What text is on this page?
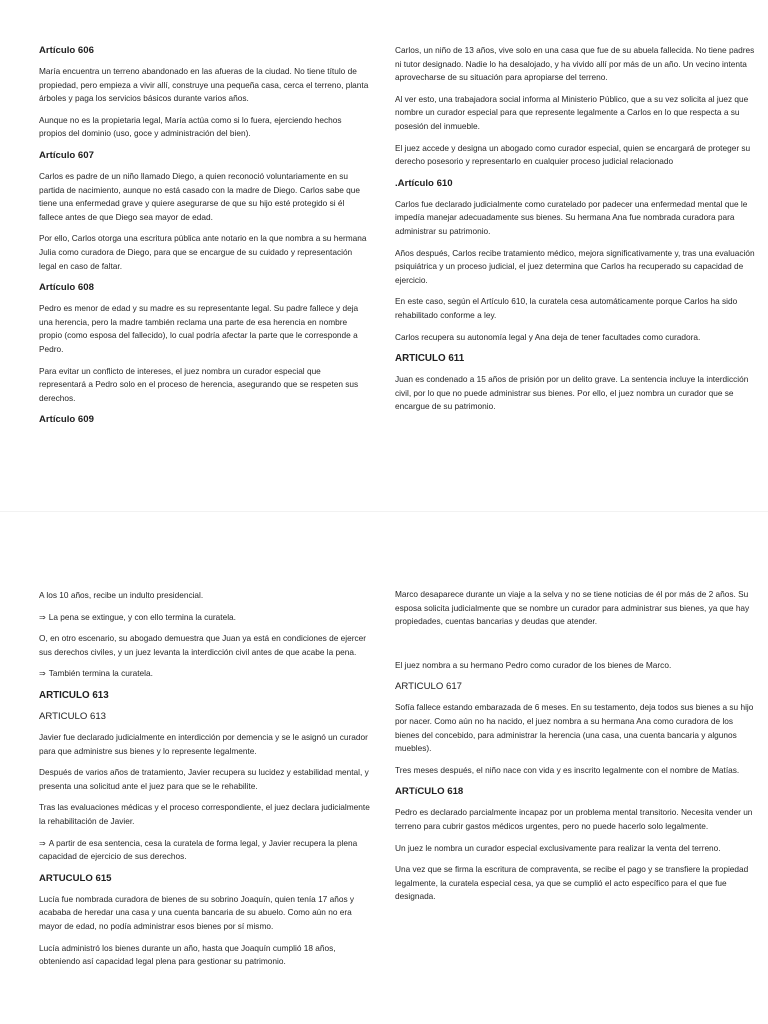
Artículo 606

María encuentra un terreno abandonado en las afueras de la ciudad. No tiene título de propiedad, pero empieza a vivir allí, construye una pequeña casa, cerca el terreno, planta árboles y paga los servicios básicos durante varios años.

Aunque no es la propietaria legal, María actúa como si lo fuera, ejerciendo hechos propios del dominio (uso, goce y administración del bien).

Artículo 607

Carlos es padre de un niño llamado Diego, a quien reconoció voluntariamente en su partida de nacimiento, aunque no está casado con la madre de Diego. Carlos sabe que tiene una enfermedad grave y quiere asegurarse de que su hijo esté protegido si él fallece antes de que Diego sea mayor de edad.

Por ello, Carlos otorga una escritura pública ante notario en la que nombra a su hermana Julia como curadora de Diego, para que se encargue de su cuidado y representación legal en caso de faltar.

Artículo 608

Pedro es menor de edad y su madre es su representante legal. Su padre fallece y deja una herencia, pero la madre también reclama una parte de esa herencia en nombre propio (como esposa del fallecido), lo cual podría afectar la parte que le corresponde a Pedro.

Para evitar un conflicto de intereses, el juez nombra un curador especial que representará a Pedro solo en el proceso de herencia, asegurando que se respeten sus derechos.

Artículo 609

Carlos, un niño de 13 años, vive solo en una casa que fue de su abuela fallecida. No tiene padres ni tutor designado. Nadie lo ha desalojado, y ha vivido allí por más de un año. Un vecino intenta aprovecharse de su situación para apropiarse del terreno.

Al ver esto, una trabajadora social informa al Ministerio Público, que a su vez solicita al juez que nombre un curador especial para que represente legalmente a Carlos en lo que respecta a su posesión del inmueble.

El juez accede y designa un abogado como curador especial, quien se encargará de proteger su derecho posesorio y representarlo en cualquier proceso judicial relacionado

.Artículo 610

Carlos fue declarado judicialmente como curatelado por padecer una enfermedad mental que le impedía manejar adecuadamente sus bienes. Su hermana Ana fue nombrada curadora para administrar su patrimonio.

Años después, Carlos recibe tratamiento médico, mejora significativamente y, tras una evaluación psiquiátrica y un proceso judicial, el juez determina que Carlos ha recuperado su capacidad de ejercicio.

En este caso, según el Artículo 610, la curatela cesa automáticamente porque Carlos ha sido rehabilitado conforme a ley.

Carlos recupera su autonomía legal y Ana deja de tener facultades como curadora.

ARTICULO 611

Juan es condenado a 15 años de prisión por un delito grave. La sentencia incluye la interdicción civil, por lo que no puede administrar sus bienes. Por ello, el juez nombra un curador que se encargue de su patrimonio.

A los 10 años, recibe un indulto presidencial.

⇒ La pena se extingue, y con ello termina la curatela.

O, en otro escenario, su abogado demuestra que Juan ya está en condiciones de ejercer sus derechos civiles, y un juez levanta la interdicción civil antes de que acabe la pena.

⇒ También termina la curatela.

ARTICULO 613
ARTICULO 613

Javier fue declarado judicialmente en interdicción por demencia y se le asignó un curador para que administre sus bienes y lo represente legalmente.

Después de varios años de tratamiento, Javier recupera su lucidez y estabilidad mental, y presenta una solicitud ante el juez para que se le rehabilite.

Tras las evaluaciones médicas y el proceso correspondiente, el juez declara judicialmente la rehabilitación de Javier.

⇒ A partir de esa sentencia, cesa la curatela de forma legal, y Javier recupera la plena capacidad de ejercicio de sus derechos.

ARTUCULO 615

Lucía fue nombrada curadora de bienes de su sobrino Joaquín, quien tenía 17 años y acababa de heredar una casa y una cuenta bancaria de su abuelo. Como aún no era mayor de edad, no podía administrar esos bienes por sí mismo.

Lucía administró los bienes durante un año, hasta que Joaquín cumplió 18 años, obteniendo así capacidad legal plena para gestionar su patrimonio.

Marco desaparece durante un viaje a la selva y no se tiene noticias de él por más de 2 años. Su esposa solicita judicialmente que se nombre un curador para administrar sus bienes, ya que hay propiedades, cuentas bancarias y deudas que atender.

El juez nombra a su hermano Pedro como curador de los bienes de Marco.

ARTICULO 617

Sofía fallece estando embarazada de 6 meses. En su testamento, deja todos sus bienes a su hijo por nacer. Como aún no ha nacido, el juez nombra a su hermana Ana como curadora de los bienes del concebido, para administrar la herencia (una casa, una cuenta bancaria y algunos muebles).

Tres meses después, el niño nace con vida y es inscrito legalmente con el nombre de Matías.

ARTíCULO 618

Pedro es declarado parcialmente incapaz por un problema mental transitorio. Necesita vender un terreno para cubrir gastos médicos urgentes, pero no puede hacerlo solo legalmente.

Un juez le nombra un curador especial exclusivamente para realizar la venta del terreno.

Una vez que se firma la escritura de compraventa, se recibe el pago y se transfiere la propiedad legalmente, la curatela especial cesa, ya que se cumplió el acto específico para el que fue designada.
